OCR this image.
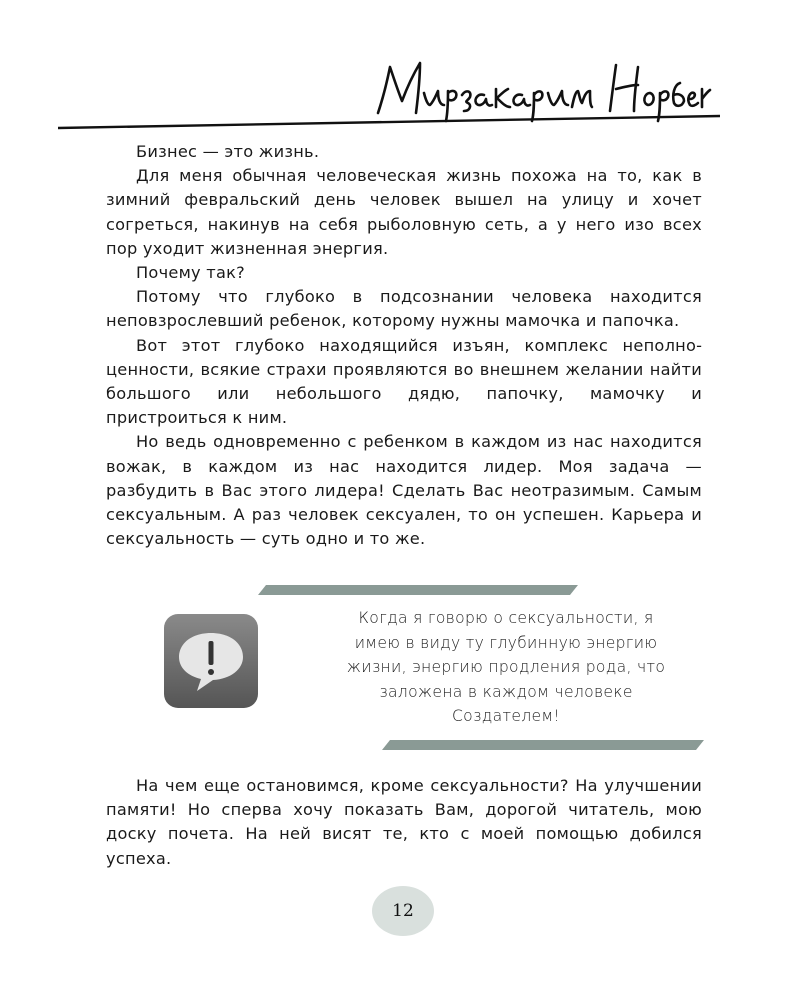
Бизнес — это жизнь.

Для меня обычная человеческая жизнь похожа на то, как в зимний февральский день человек вышел на улицу и хочет согреться, накинув на себя рыболовную сеть, а у него изо всех пор уходит жизненная энергия.

Почему так?

Потому что глубоко в подсознании человека находится неповзрослевший ребенок, которому нужны мамочка и папочка.

Вот этот глубоко находящийся изъян, комплекс неполноценности, всякие страхи проявляются во внешнем желании найти большого или небольшого дядю, папочку, мамочку и пристроиться к ним.

Но ведь одновременно с ребенком в каждом из нас находится вожак, в каждом из нас находится лидер. Моя задача — разбудить в Вас этого лидера! Сделать Вас неотразимым. Самым сексуальным. А раз человек сексуален, то он успешен. Карьера и сексуальность — суть одно и то же.

Когда я говорю о сексуальности, я
имею в виду ту глубинную энергию
жизни, энергию продления рода, что
заложена в каждом человеке
Создателем!

На чем еще остановимся, кроме сексуальности? На улучшении памяти! Но сперва хочу показать Вам, дорогой читатель, мою доску почета. На ней висят те, кто с моей помощью добился успеха.

12
